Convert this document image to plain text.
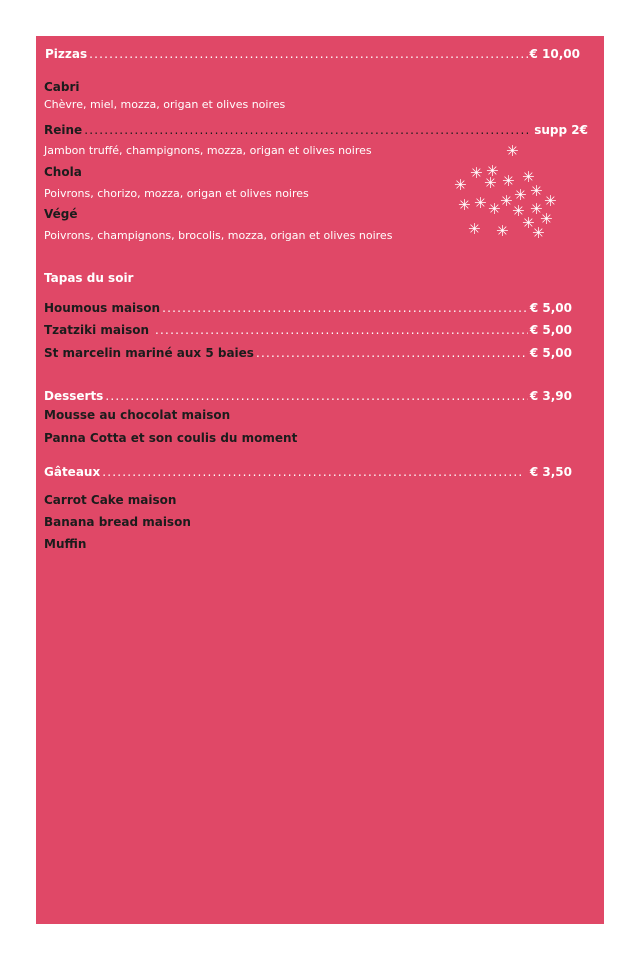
Pizzas .....	€ 10,00
Cabri
Chèvre, miel, mozza, origan et olives noires
Reine .....	supp 2€
Jambon truffé, champignons, mozza, origan et olives noires
Chola
Poivrons, chorizo, mozza, origan et olives noires
Végé
Poivrons, champignons, brocolis, mozza, origan et olives noires
✳
✳ ✳ ✳
✳ ✳ ✳
✳
✳
✳ ✳
✳	✳
✳ ✳ ✳
✳
✳
✳ ✳ ✳
Tapas du soir
Houmous maison .....	€ 5,00
Tzatziki maison .....	€ 5,00
St marcelin mariné aux 5 baies .....	€ 5,00
Desserts .....	€ 3,90
Mousse au chocolat maison
Panna Cotta et son coulis du moment
Gâteaux .....	€ 3,50
Carrot Cake maison
Banana bread maison
Muffin
